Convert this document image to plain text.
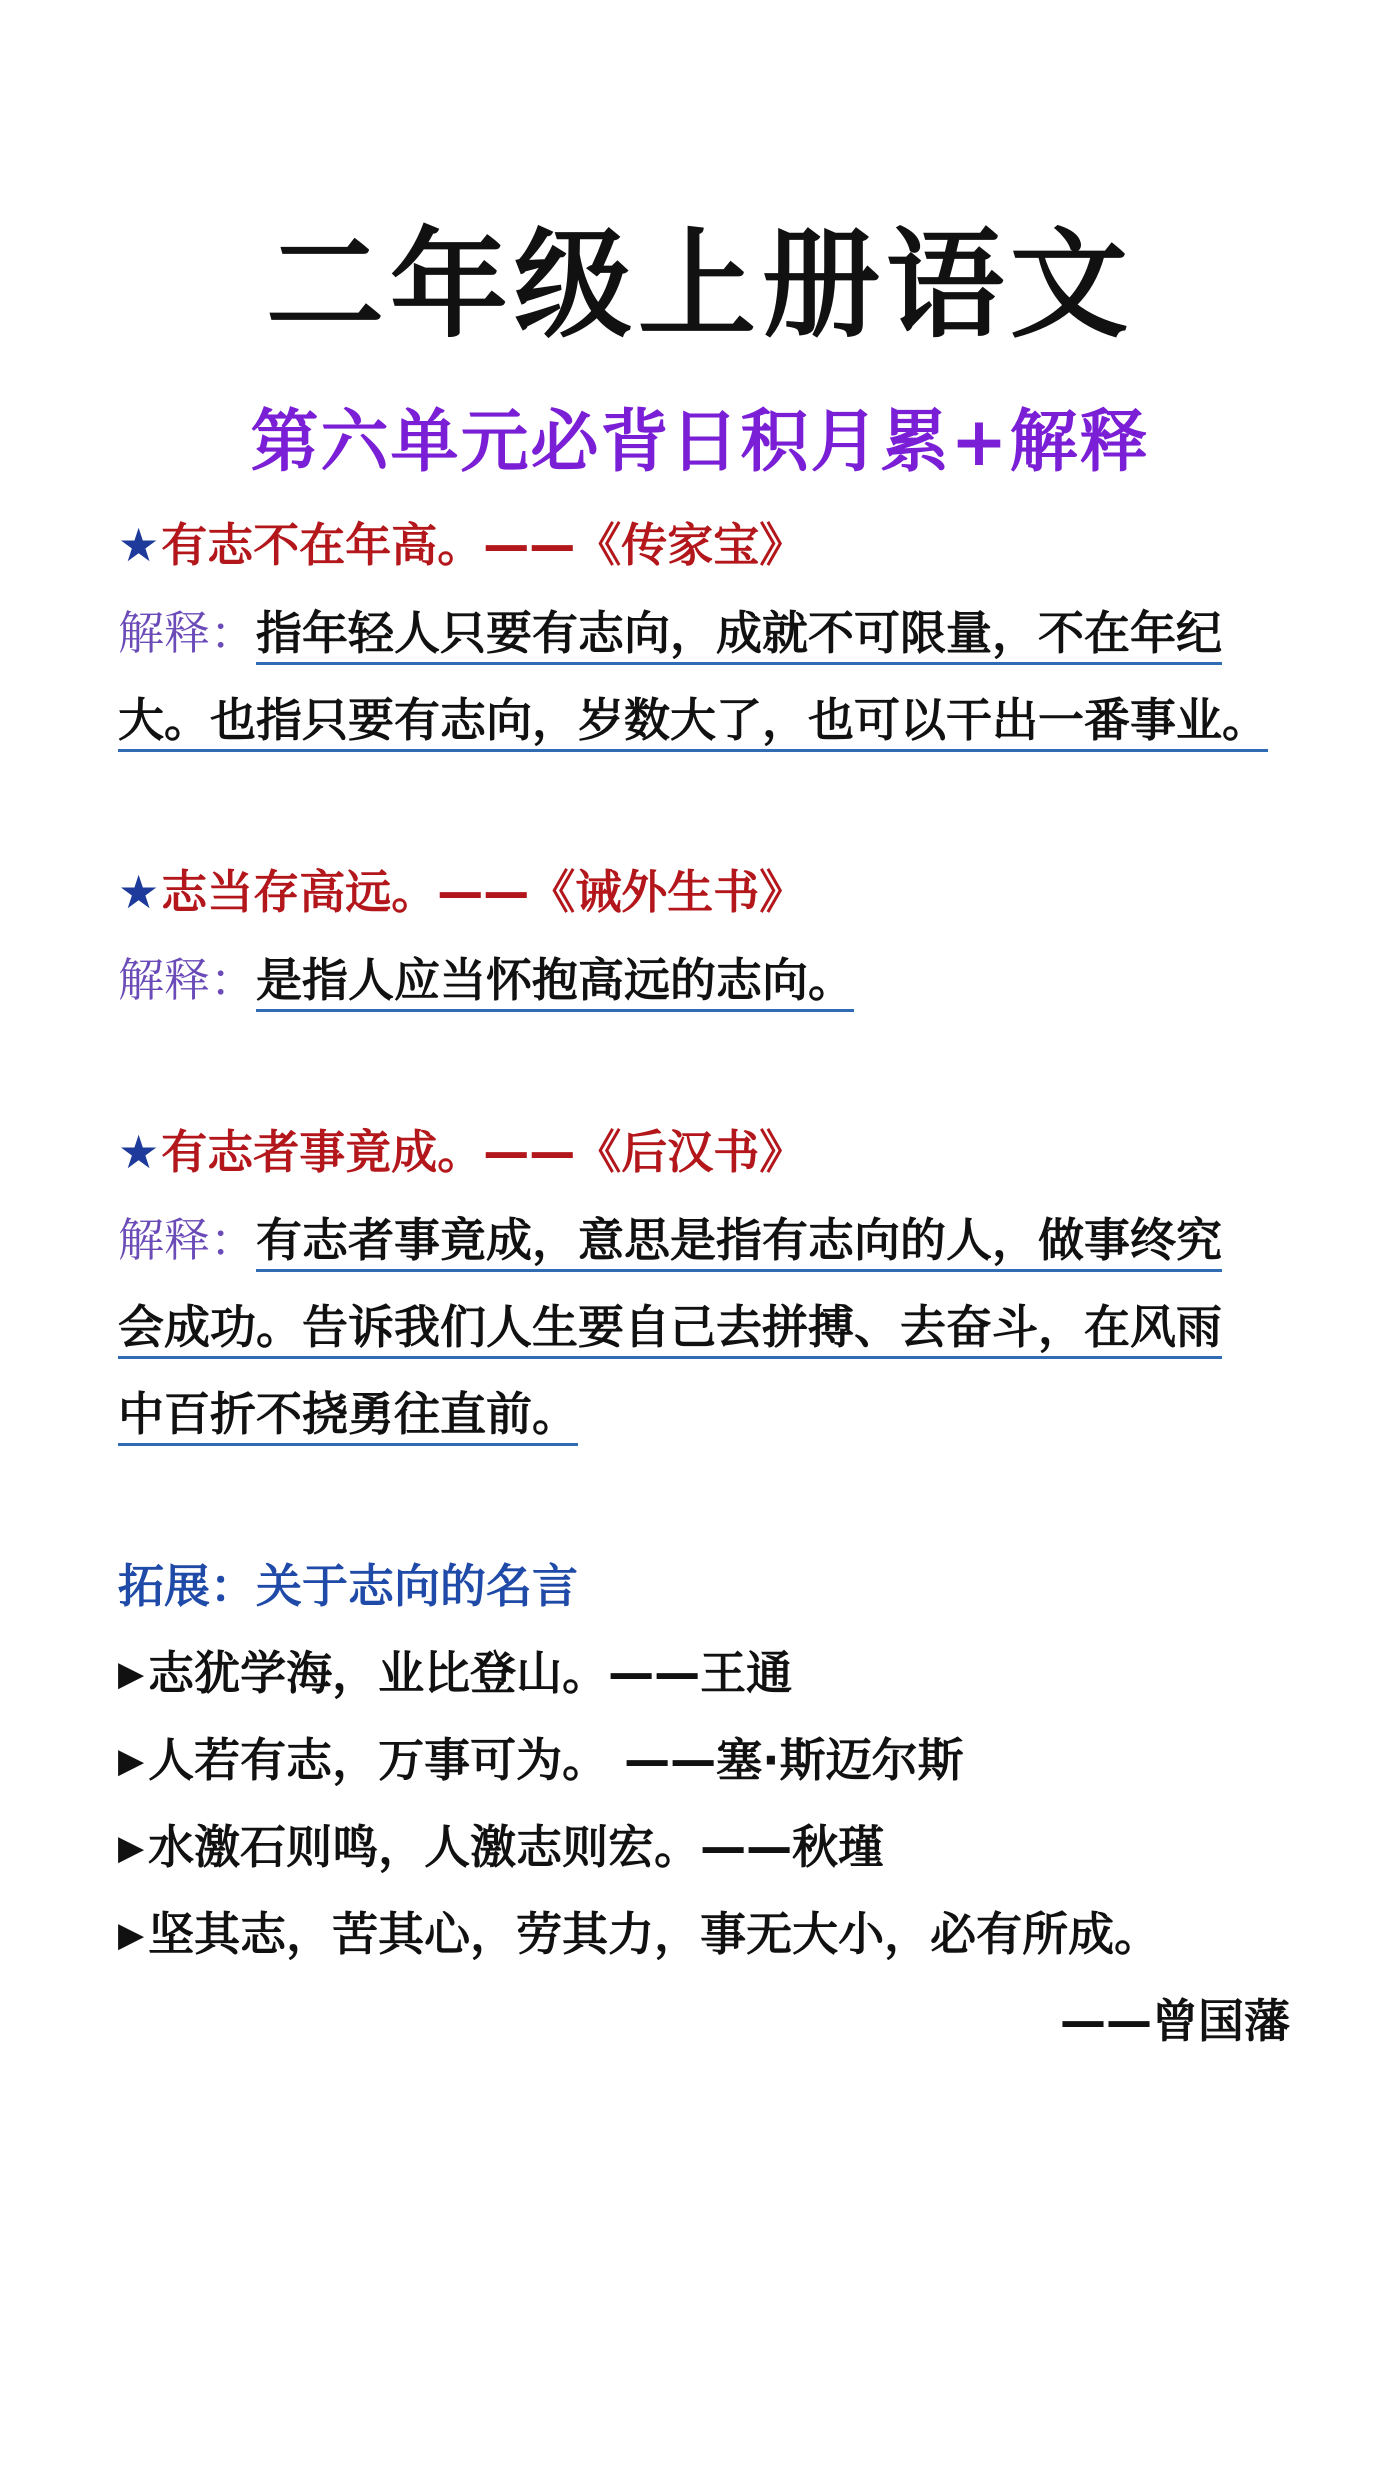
二年级上册语文
第六单元必背日积月累+解释
★有志不在年高。——《传家宝》
解释：指年轻人只要有志向，成就不可限量，不在年纪
大。也指只要有志向，岁数大了，也可以干出一番事业。
★志当存高远。——《诫外生书》
解释：是指人应当怀抱高远的志向。
★有志者事竟成。——《后汉书》
解释：有志者事竟成，意思是指有志向的人，做事终究
会成功。告诉我们人生要自己去拼搏、去奋斗，在风雨
中百折不挠勇往直前。
拓展：关于志向的名言
▶志犹学海，业比登山。——王通
▶人若有志，万事可为。 ——塞·斯迈尔斯
▶水激石则鸣，人激志则宏。——秋瑾
▶坚其志，苦其心，劳其力，事无大小，必有所成。
——曾国藩
